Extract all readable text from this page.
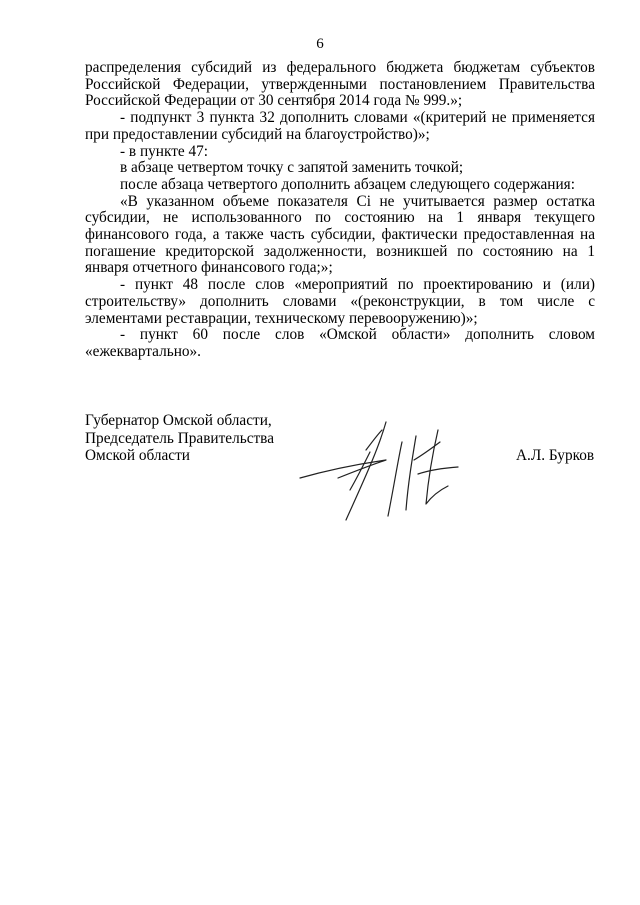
6

распределения субсидий из федерального бюджета бюджетам субъектов Российской Федерации, утвержденными постановлением Правительства Российской Федерации от 30 сентября 2014 года № 999.»;

- подпункт 3 пункта 32 дополнить словами «(критерий не применяется при предоставлении субсидий на благоустройство)»;

- в пункте 47:

в абзаце четвертом точку с запятой заменить точкой;

после абзаца четвертого дополнить абзацем следующего содержания:

«В указанном объеме показателя Ci не учитывается размер остатка субсидии, не использованного по состоянию на 1 января текущего финансового года, а также часть субсидии, фактически предоставленная на погашение кредиторской задолженности, возникшей по состоянию на 1 января отчетного финансового года;»;

- пункт 48 после слов «мероприятий по проектированию и (или) строительству» дополнить словами «(реконструкции, в том числе с элементами реставрации, техническому перевооружению)»;

- пункт 60 после слов «Омской области» дополнить словом «ежеквартально».

Губернатор Омской области,
Председатель Правительства
Омской области	А.Л. Бурков
